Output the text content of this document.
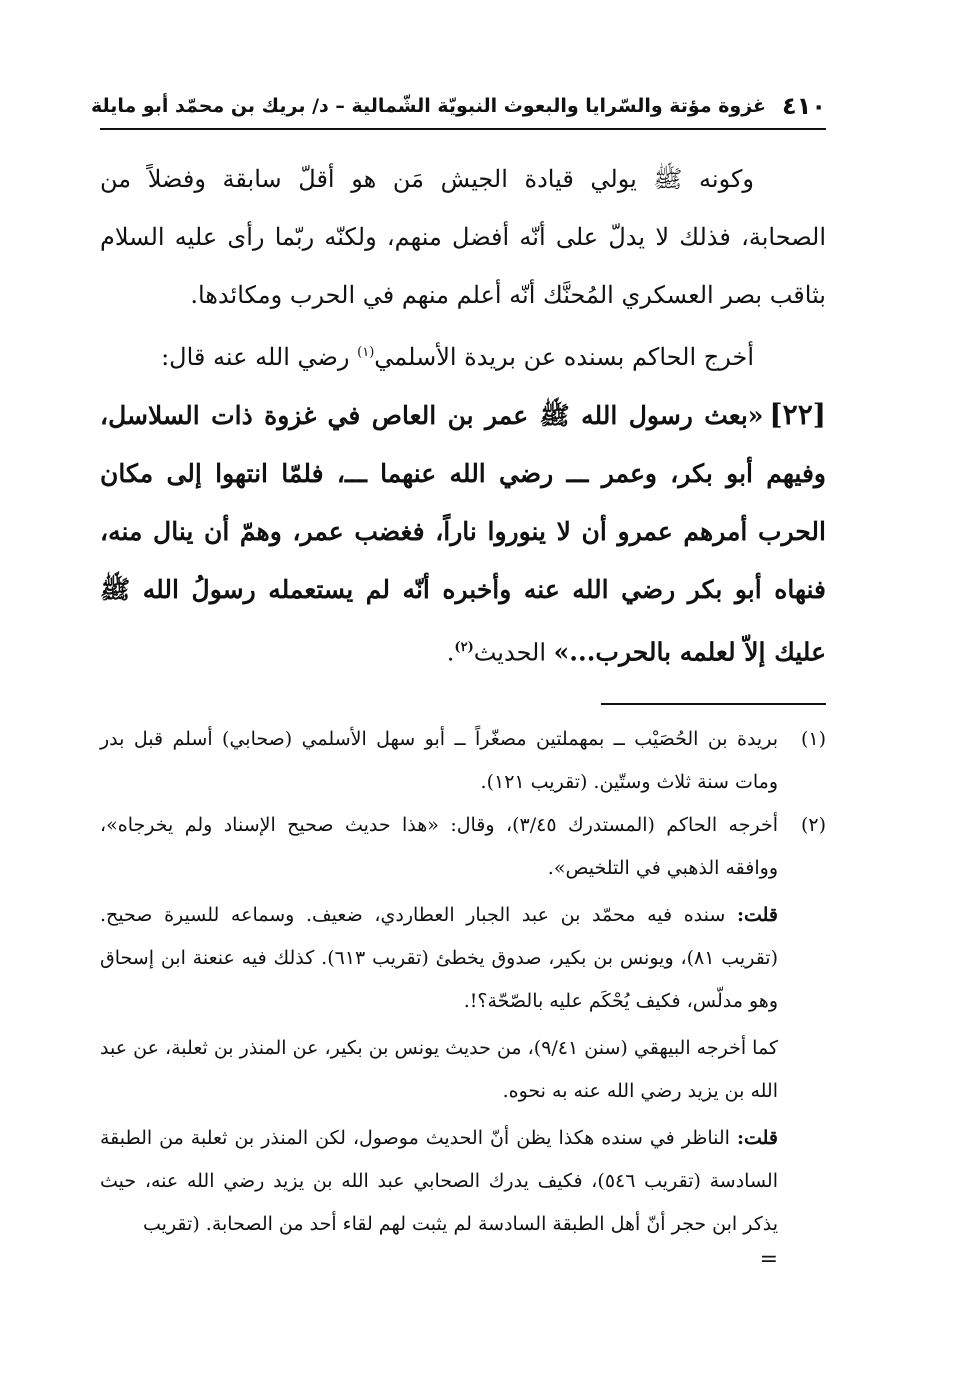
٤١٠
غزوة مؤتة والسّرايا والبعوث النبويّة الشّمالية – د/ بريك بن محمّد أبو مايلة

وكونه ﷺ يولي قيادة الجيش مَن هو أقلّ سابقة وفضلاً من الصحابة، فذلك لا يدلّ على أنّه أفضل منهم، ولكنّه ربّما رأى عليه السلام بثاقب بصر العسكري المُحنَّك أنّه أعلم منهم في الحرب ومكائدها.

أخرج الحاكم بسنده عن بريدة الأسلمي$^{(١)}$ رضي الله عنه قال:

[٢٢]«بعث رسول الله ﷺ عمر بن العاص في غزوة ذات السلاسل، وفيهم أبو بكر، وعمر ـــ رضي الله عنهما ـــ، فلمّا انتهوا إلى مكان الحرب أمرهم عمرو أن لا ينوروا ناراً، فغضب عمر، وهمّ أن ينال منه، فنهاه أبو بكر رضي الله عنه وأخبره أنّه لم يستعمله رسولُ الله ﷺ عليك إلاّ لعلمه بالحرب...» الحديث$^{(٢)}$.

(١)

بريدة بن الحُصَيْب ــ بمهملتين مصغّراً ــ أبو سهل الأسلمي (صحابي) أسلم قبل بدر ومات سنة ثلاث وستّين. (تقريب ١٢١).

(٢)

أخرجه الحاكم (المستدرك ٣/٤٥)، وقال: «هذا حديث صحيح الإسناد ولم يخرجاه»، ووافقه الذهبي في التلخيص».

قلت: سنده فيه محمّد بن عبد الجبار العطاردي، ضعيف. وسماعه للسيرة صحيح. (تقريب ٨١)، ويونس بن بكير، صدوق يخطئ (تقريب ٦١٣). كذلك فيه عنعنة ابن إسحاق وهو مدلّس، فكيف يُحْكَم عليه بالصّحّة؟!.

كما أخرجه البيهقي (سنن ٩/٤١)، من حديث يونس بن بكير، عن المنذر بن ثعلبة، عن عبد الله بن يزيد رضي الله عنه به نحوه.

قلت: الناظر في سنده هكذا يظن أنّ الحديث موصول، لكن المنذر بن ثعلبة من الطبقة السادسة (تقريب ٥٤٦)، فكيف يدرك الصحابي عبد الله بن يزيد رضي الله عنه، حيث يذكر ابن حجر أنّ أهل الطبقة السادسة لم يثبت لهم لقاء أحد من الصحابة. (تقريب

=
